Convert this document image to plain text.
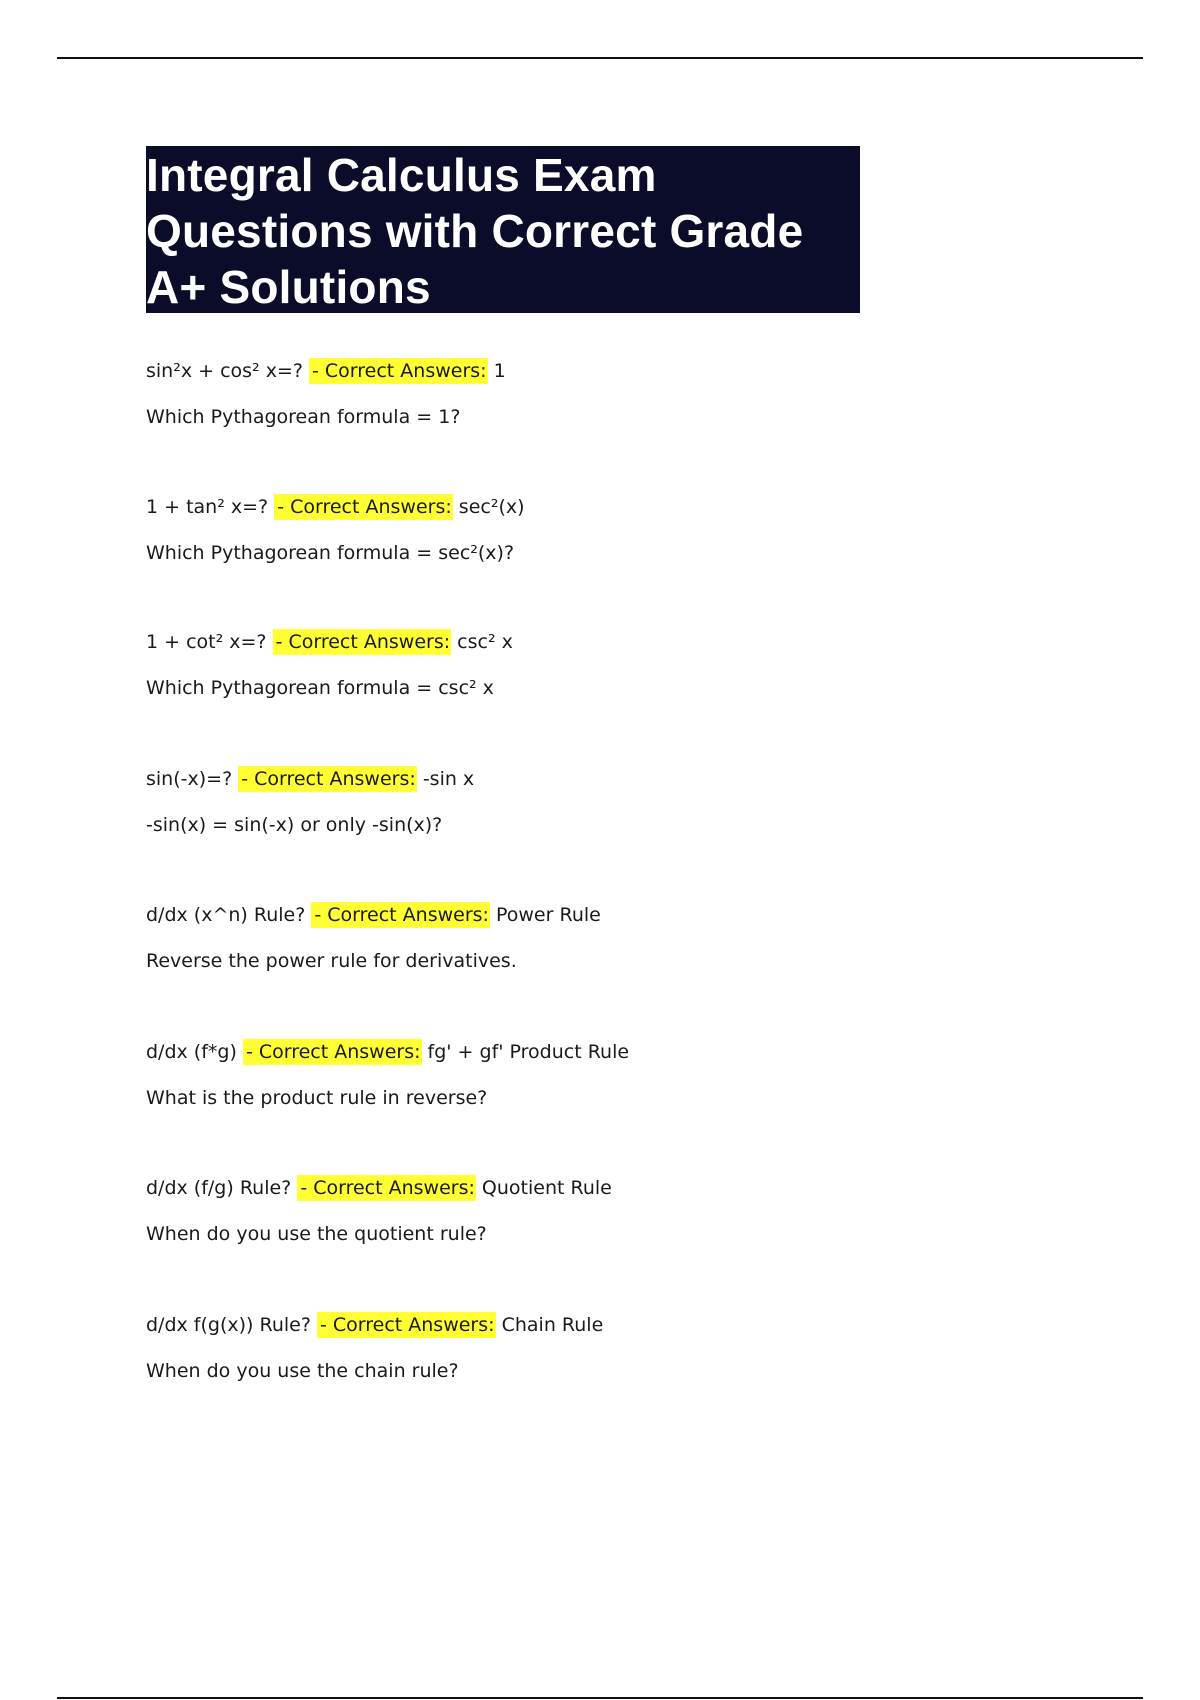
Integral Calculus Exam Questions with Correct Grade A+ Solutions
sin²x + cos² x=? - Correct Answers: 1
Which Pythagorean formula = 1?
1 + tan² x=? - Correct Answers: sec²(x)
Which Pythagorean formula = sec²(x)?
1 + cot² x=? - Correct Answers: csc² x
Which Pythagorean formula = csc² x
sin(-x)=? - Correct Answers: -sin x
-sin(x) = sin(-x) or only -sin(x)?
d/dx (x^n) Rule? - Correct Answers: Power Rule
Reverse the power rule for derivatives.
d/dx (f*g) - Correct Answers: fg' + gf' Product Rule
What is the product rule in reverse?
d/dx (f/g) Rule? - Correct Answers: Quotient Rule
When do you use the quotient rule?
d/dx f(g(x)) Rule? - Correct Answers: Chain Rule
When do you use the chain rule?
